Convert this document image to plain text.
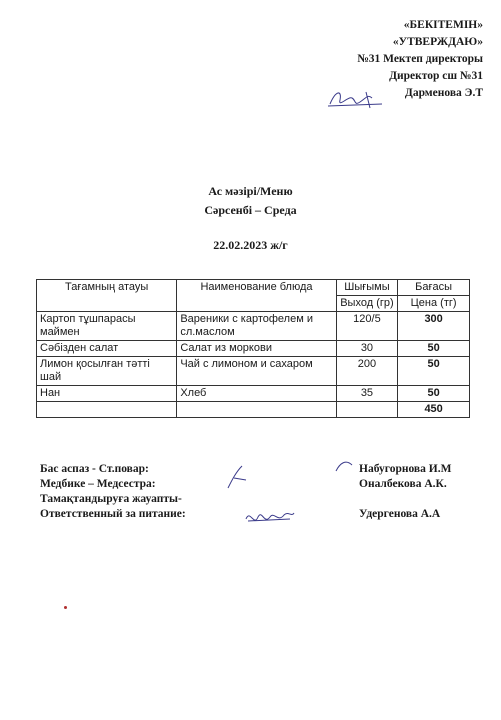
«БЕКІТЕМІН»
«УТВЕРЖДАЮ»
№31 Мектеп директоры
Директор сш №31
Дарменова Э.Т
Ас мәзірі/Меню
Сәрсенбі – Среда
22.02.2023 ж/г
Тағамның атауы	Наименование блюда	Шығымы	Бағасы
		Выход (гр)	Цена (тг)
Картоп тұшпарасы маймен	Вареники с картофелем и сл.маслом	120/5	300
Сәбізден салат	Салат из моркови	30	50
Лимон қосылған тәтті шай	Чай с лимоном и сахаром	200	50
Нан	Хлеб	35	50
			450
Бас аспаз - Ст.повар:	Набугорнова И.М
Медбике – Медсестра:	Оналбекова А.К.
Тамақтандыруға жауапты-
Ответственный за питание:	Удергенова А.А
